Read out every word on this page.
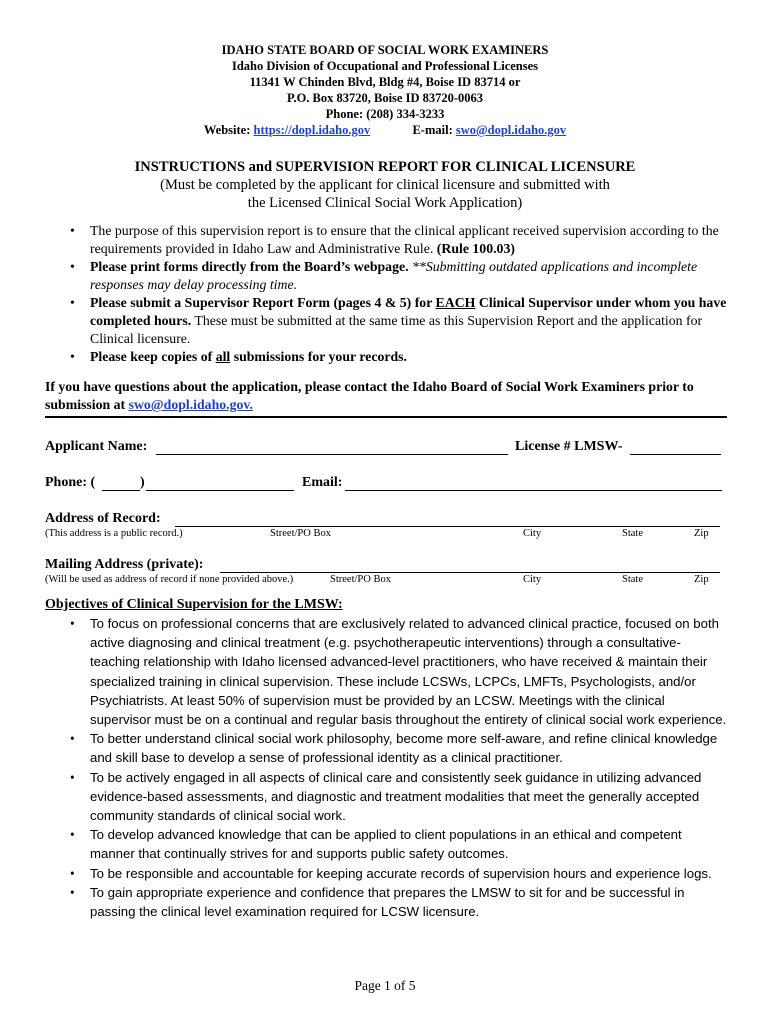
IDAHO STATE BOARD OF SOCIAL WORK EXAMINERS
Idaho Division of Occupational and Professional Licenses
11341 W Chinden Blvd, Bldg #4, Boise ID 83714 or
P.O. Box 83720, Boise ID 83720-0063
Phone: (208) 334-3233
Website: https://dopl.idaho.gov	E-mail: swo@dopl.idaho.gov
INSTRUCTIONS and SUPERVISION REPORT FOR CLINICAL LICENSURE
(Must be completed by the applicant for clinical licensure and submitted with
the Licensed Clinical Social Work Application)
• The purpose of this supervision report is to ensure that the clinical applicant received supervision according to the requirements provided in Idaho Law and Administrative Rule. (Rule 100.03)
• Please print forms directly from the Board’s webpage. **Submitting outdated applications and incomplete responses may delay processing time.
• Please submit a Supervisor Report Form (pages 4 & 5) for EACH Clinical Supervisor under whom you have completed hours. These must be submitted at the same time as this Supervision Report and the application for Clinical licensure.
• Please keep copies of all submissions for your records.
If you have questions about the application, please contact the Idaho Board of Social Work Examiners prior to submission at swo@dopl.idaho.gov.
Applicant Name:	License # LMSW-
Phone: (	)	Email:
Address of Record:
(This address is a public record.)	Street/PO Box	City	State	Zip
Mailing Address (private):
(Will be used as address of record if none provided above.)	Street/PO Box	City	State	Zip
Objectives of Clinical Supervision for the LMSW:
• To focus on professional concerns that are exclusively related to advanced clinical practice, focused on both active diagnosing and clinical treatment (e.g. psychotherapeutic interventions) through a consultative-teaching relationship with Idaho licensed advanced-level practitioners, who have received & maintain their specialized training in clinical supervision. These include LCSWs, LCPCs, LMFTs, Psychologists, and/or Psychiatrists. At least 50% of supervision must be provided by an LCSW. Meetings with the clinical supervisor must be on a continual and regular basis throughout the entirety of clinical social work experience.
• To better understand clinical social work philosophy, become more self-aware, and refine clinical knowledge and skill base to develop a sense of professional identity as a clinical practitioner.
• To be actively engaged in all aspects of clinical care and consistently seek guidance in utilizing advanced evidence-based assessments, and diagnostic and treatment modalities that meet the generally accepted community standards of clinical social work.
• To develop advanced knowledge that can be applied to client populations in an ethical and competent manner that continually strives for and supports public safety outcomes.
• To be responsible and accountable for keeping accurate records of supervision hours and experience logs.
• To gain appropriate experience and confidence that prepares the LMSW to sit for and be successful in passing the clinical level examination required for LCSW licensure.
Page 1 of 5
